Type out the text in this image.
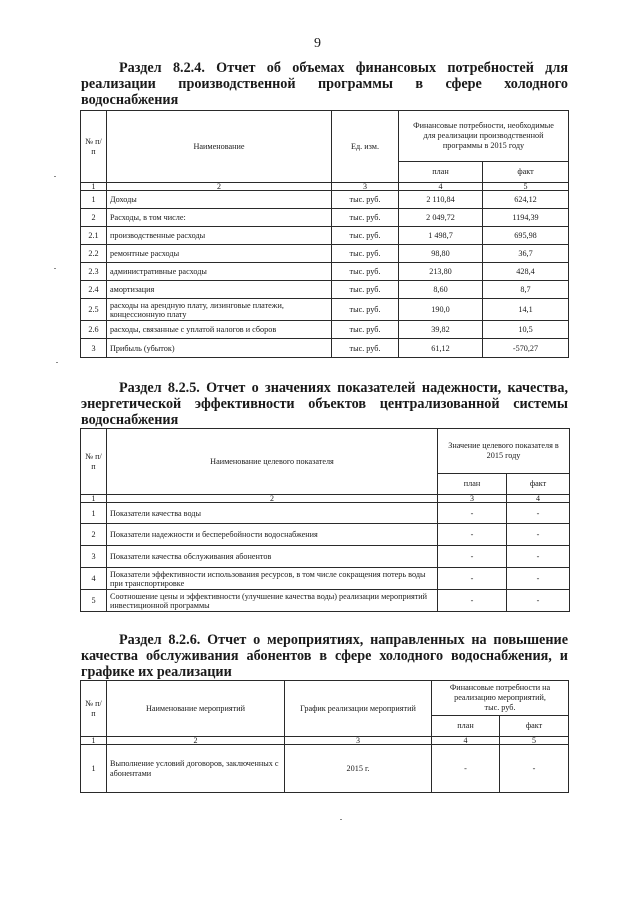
9
Раздел 8.2.4. Отчет об объемах финансовых потребностей для реализации производственной программы в сфере холодного водоснабжения
№ п/п	Наименование	Ед. изм.	Финансовые потребности, необходимые для реализации производственной программы в 2015 году	
			план	факт
1	2	3	4	5
1	Доходы	тыс. руб.	2 110,84	624,12
2	Расходы, в том числе:	тыс. руб.	2 049,72	1194,39
2.1	производственные расходы	тыс. руб.	1 498,7	695,98
2.2	ремонтные расходы	тыс. руб.	98,80	36,7
2.3	административные расходы	тыс. руб.	213,80	428,4
2.4	амортизация	тыс. руб.	8,60	8,7
2.5	расходы на арендную плату, лизинговые платежи, концессионную плату	тыс. руб.	190,0	14,1
2.6	расходы, связанные с уплатой налогов и сборов	тыс. руб.	39,82	10,5
3	Прибыль (убыток)	тыс. руб.	61,12	-570,27
Раздел 8.2.5. Отчет о значениях показателей надежности, качества, энергетической эффективности объектов централизованной системы водоснабжения
№ п/п	Наименование целевого показателя	Значение целевого показателя в 2015 году	
		план	факт
1	2	3	4
1	Показатели качества воды	-	-
2	Показатели надежности и бесперебойности водоснабжения	-	-
3	Показатели качества обслуживания абонентов	-	-
4	Показатели эффективности использования ресурсов, в том числе сокращения потерь воды при транспортировке	-	-
5	Соотношение цены и эффективности (улучшение качества воды) реализации мероприятий инвестиционной программы	-	-
Раздел 8.2.6. Отчет о мероприятиях, направленных на повышение качества обслуживания абонентов в сфере холодного водоснабжения, и графике их реализации
№ п/п	Наименование мероприятий	График реализации мероприятий	Финансовые потребности на реализацию мероприятий, тыс. руб.	
			план	факт
1	2	3	4	5
1	Выполнение условий договоров, заключенных с абонентами	2015 г.	-	-
